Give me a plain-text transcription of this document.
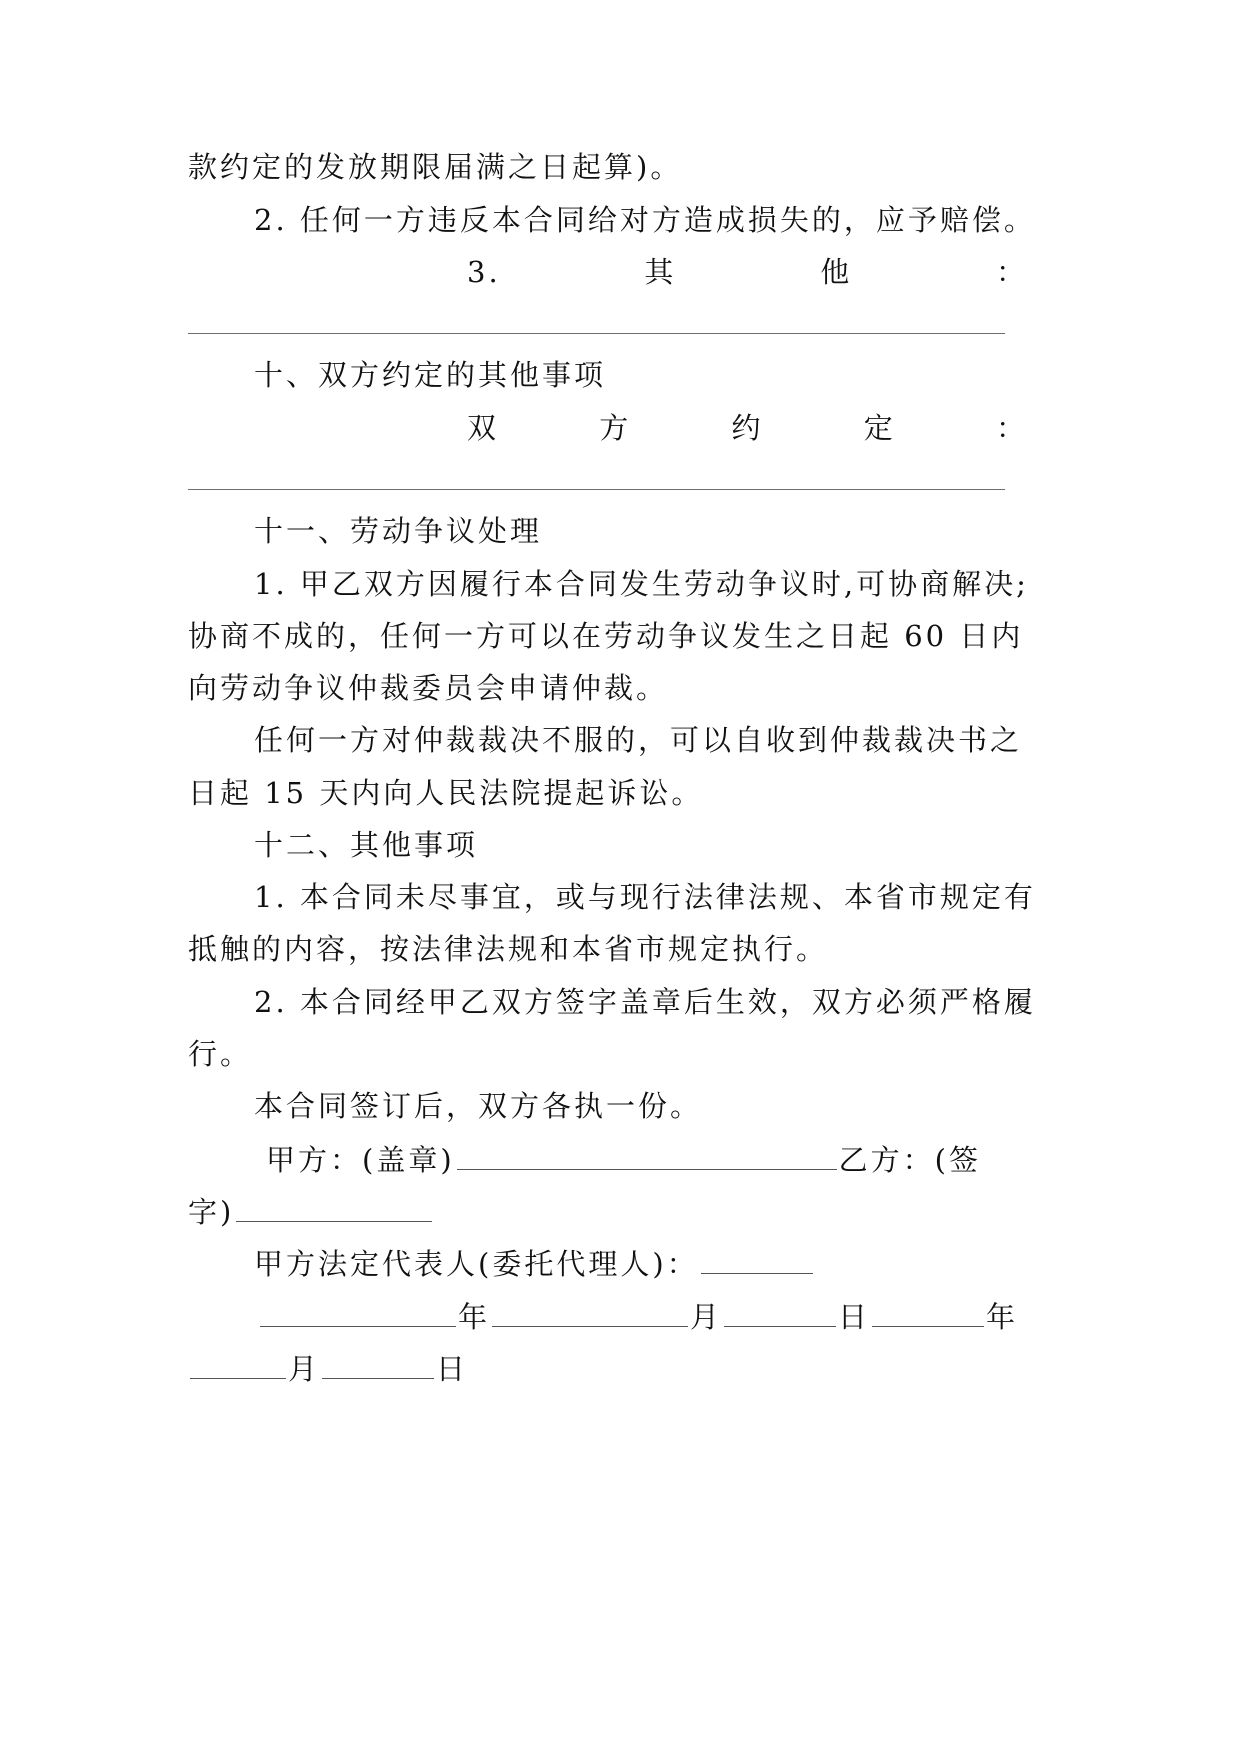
款约定的发放期限届满之日起算)。
2. 任何一方违反本合同给对方造成损失的，应予赔偿。
3.	其	他	：
十、双方约定的其他事项
双	方	约	定	：
十一、劳动争议处理
1. 甲乙双方因履行本合同发生劳动争议时,可协商解决;
协商不成的，任何一方可以在劳动争议发生之日起 60 日内
向劳动争议仲裁委员会申请仲裁。
任何一方对仲裁裁决不服的，可以自收到仲裁裁决书之
日起 15 天内向人民法院提起诉讼。
十二、其他事项
1. 本合同未尽事宜，或与现行法律法规、本省市规定有
抵触的内容，按法律法规和本省市规定执行。
2. 本合同经甲乙双方签字盖章后生效，双方必须严格履
行。
本合同签订后，双方各执一份。
甲方：(盖章)	乙方：(签
字)
甲方法定代表人(委托代理人)：
年	月	日	年
月	日
